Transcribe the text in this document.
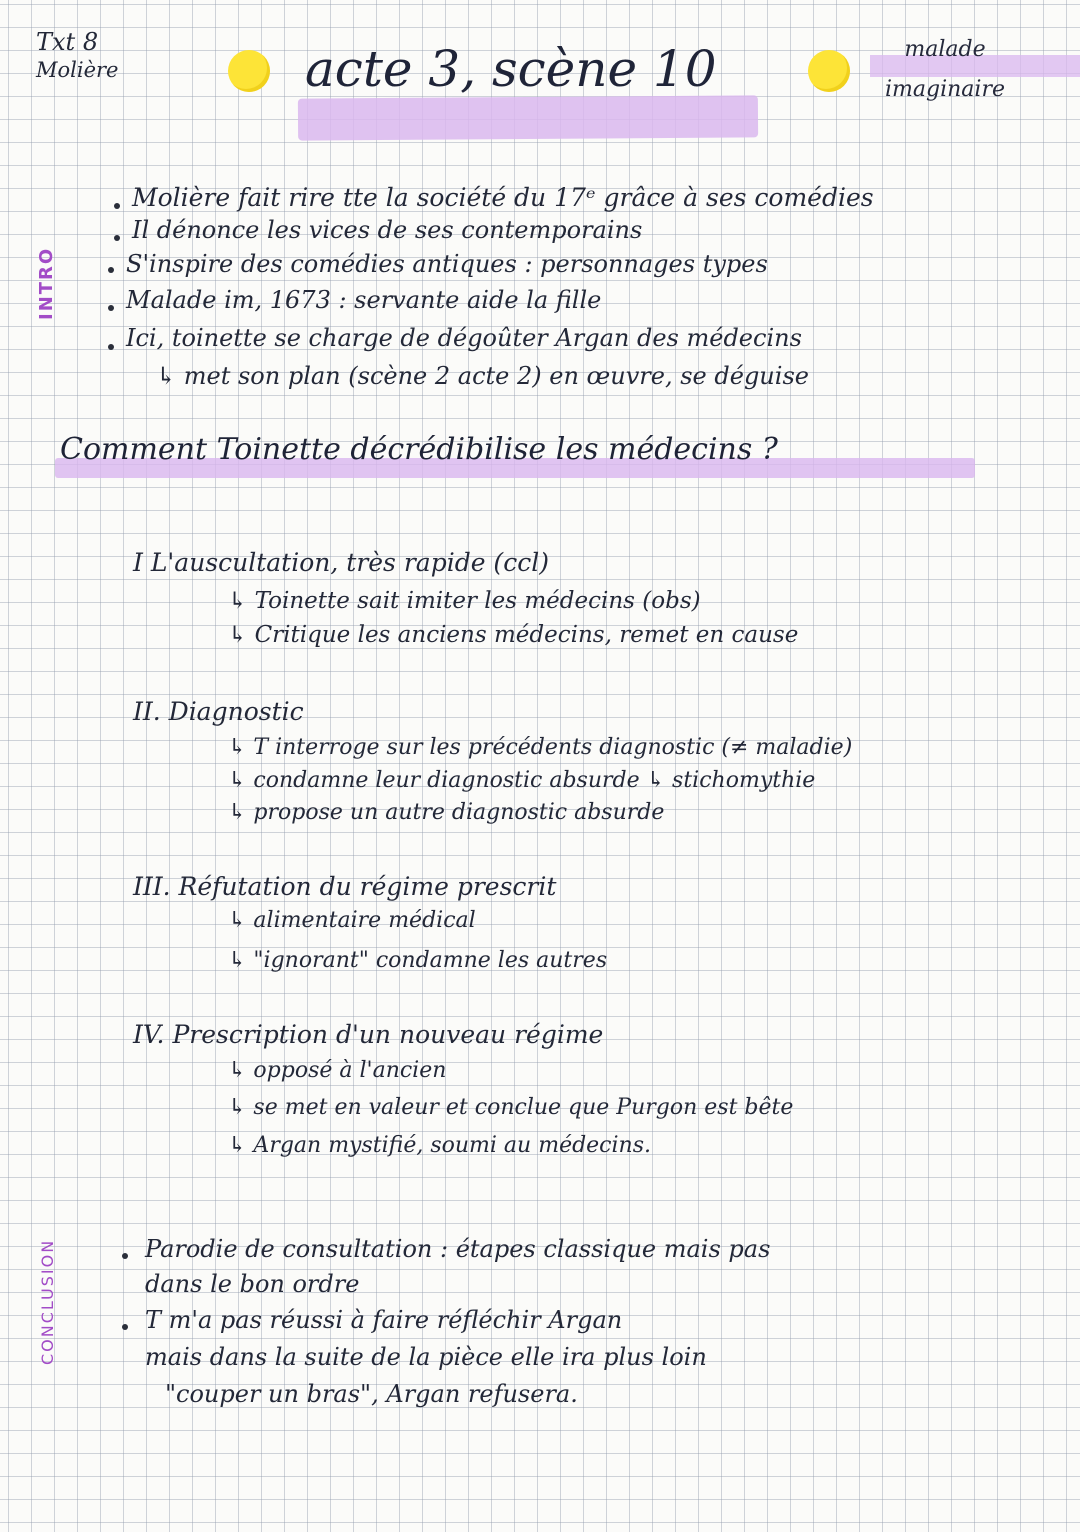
Txt 8
Molière	acte 3, scène 10	malade
imaginaire
INTRO
CONCLUSION
Molière fait rire tte la société du 17ᵉ grâce à ses comédies
Il dénonce les vices de ses contemporains
S'inspire des comédies antiques : personnages types
Malade im, 1673 : servante aide la fille
Ici, toinette se charge de dégoûter Argan des médecins
↳ met son plan (scène 2 acte 2) en œuvre, se déguise
Comment Toinette décrédibilise les médecins ?
I L'auscultation, très rapide (ccl)
↳ Toinette sait imiter les médecins (obs)
↳ Critique les anciens médecins, remet en cause
II. Diagnostic
↳ T interroge sur les précédents diagnostic (≠ maladie)
↳ condamne leur diagnostic absurde ↳ stichomythie
↳ propose un autre diagnostic absurde
III. Réfutation du régime prescrit
↳ alimentaire médical
↳ "ignorant" condamne les autres
IV. Prescription d'un nouveau régime
↳ opposé à l'ancien
↳ se met en valeur et conclue que Purgon est bête
↳ Argan mystifié, soumi au médecins.
Parodie de consultation : étapes classique mais pas
dans le bon ordre
T m'a pas réussi à faire réfléchir Argan
mais dans la suite de la pièce elle ira plus loin
"couper un bras", Argan refusera.
